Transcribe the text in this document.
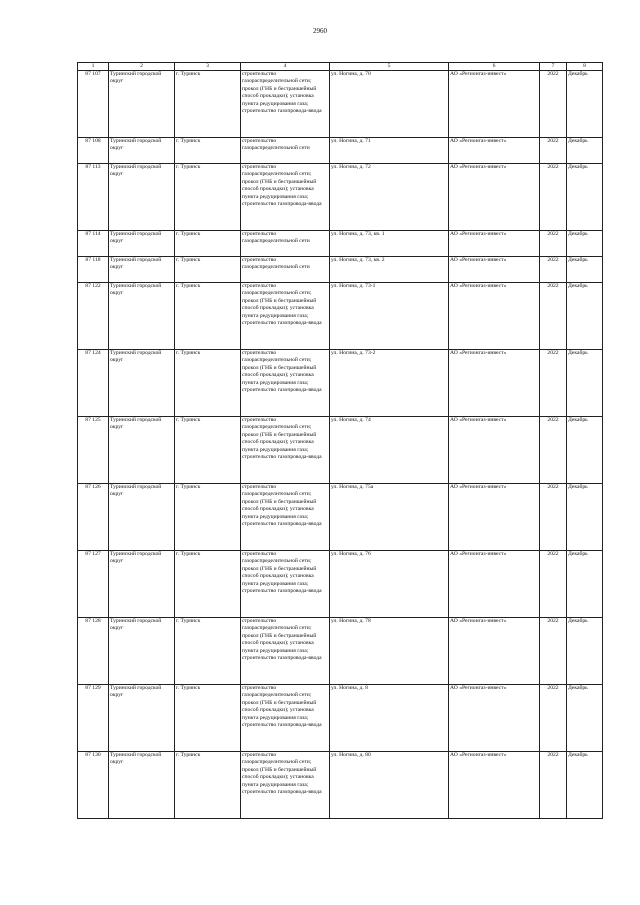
2960
1	2	3	4	5	6	7	8
87 107	Туринский городской округ	г. Туринск	строительство газораспределительной сети; прокол (ГНБ и бестраншейный способ прокладки); установка пункта редуцирования газа; строительство газопровода-ввода	ул. Ногина, д. 70	АО «Регионгаз-инвест»	2022	Декабрь
87 108	Туринский городской округ	г. Туринск	строительство газораспределительной сети	ул. Ногина, д. 71	АО «Регионгаз-инвест»	2022	Декабрь
87 113	Туринский городской округ	г. Туринск	строительство газораспределительной сети; прокол (ГНБ и бестраншейный способ прокладки); установка пункта редуцирования газа; строительство газопровода-ввода	ул. Ногина, д. 72	АО «Регионгаз-инвест»	2022	Декабрь
87 114	Туринский городской округ	г. Туринск	строительство газораспределительной сети	ул. Ногина, д. 73, кв. 1	АО «Регионгаз-инвест»	2022	Декабрь
87 118	Туринский городской округ	г. Туринск	строительство газораспределительной сети	ул. Ногина, д. 73, кв. 2	АО «Регионгаз-инвест»	2022	Декабрь
87 122	Туринский городской округ	г. Туринск	строительство газораспределительной сети; прокол (ГНБ и бестраншейный способ прокладки); установка пункта редуцирования газа; строительство газопровода-ввода	ул. Ногина, д. 73-1	АО «Регионгаз-инвест»	2022	Декабрь
87 124	Туринский городской округ	г. Туринск	строительство газораспределительной сети; прокол (ГНБ и бестраншейный способ прокладки); установка пункта редуцирования газа; строительство газопровода-ввода	ул. Ногина, д. 73-2	АО «Регионгаз-инвест»	2022	Декабрь
87 125	Туринский городской округ	г. Туринск	строительство газораспределительной сети; прокол (ГНБ и бестраншейный способ прокладки); установка пункта редуцирования газа; строительство газопровода-ввода	ул. Ногина, д. 74	АО «Регионгаз-инвест»	2022	Декабрь
87 126	Туринский городской округ	г. Туринск	строительство газораспределительной сети; прокол (ГНБ и бестраншейный способ прокладки); установка пункта редуцирования газа; строительство газопровода-ввода	ул. Ногина, д. 75а	АО «Регионгаз-инвест»	2022	Декабрь
87 127	Туринский городской округ	г. Туринск	строительство газораспределительной сети; прокол (ГНБ и бестраншейный способ прокладки); установка пункта редуцирования газа; строительство газопровода-ввода	ул. Ногина, д. 76	АО «Регионгаз-инвест»	2022	Декабрь
87 128	Туринский городской округ	г. Туринск	строительство газораспределительной сети; прокол (ГНБ и бестраншейный способ прокладки); установка пункта редуцирования газа; строительство газопровода-ввода	ул. Ногина, д. 78	АО «Регионгаз-инвест»	2022	Декабрь
87 129	Туринский городской округ	г. Туринск	строительство газораспределительной сети; прокол (ГНБ и бестраншейный способ прокладки); установка пункта редуцирования газа; строительство газопровода-ввода	ул. Ногина, д. 8	АО «Регионгаз-инвест»	2022	Декабрь
87 130	Туринский городской округ	г. Туринск	строительство газораспределительной сети; прокол (ГНБ и бестраншейный способ прокладки); установка пункта редуцирования газа; строительство газопровода-ввода	ул. Ногина, д. 80	АО «Регионгаз-инвест»	2022	Декабрь
